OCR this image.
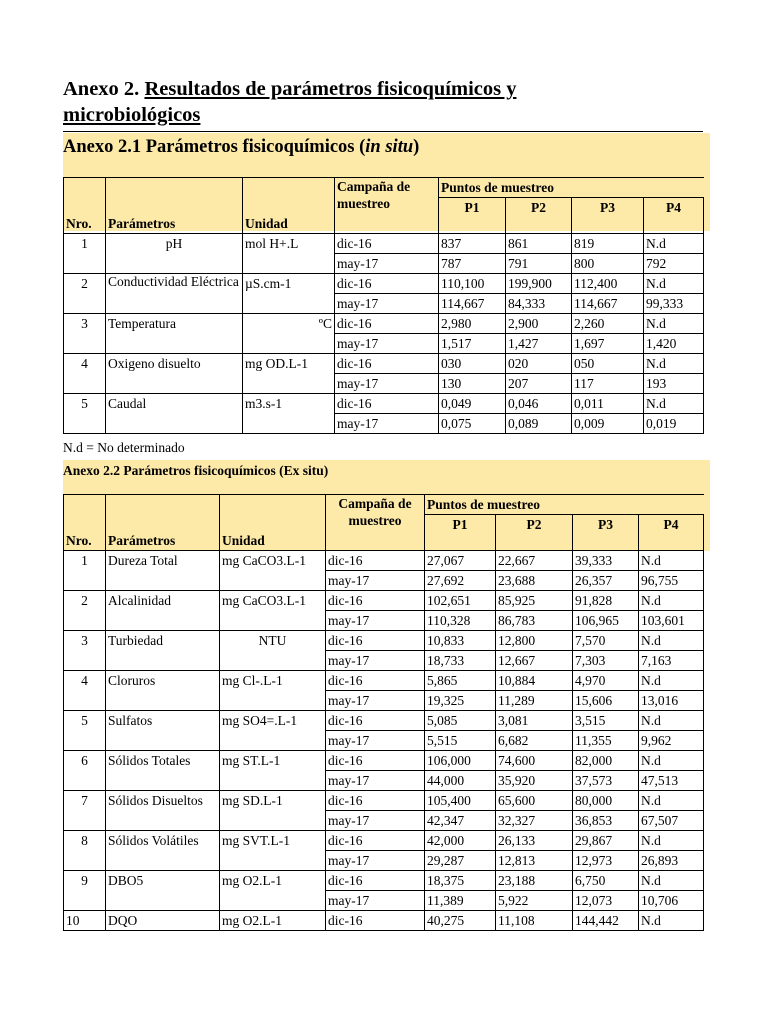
Anexo 2. Resultados de parámetros fisicoquímicos y
microbiológicos
Anexo 2.1 Parámetros fisicoquímicos (in situ)
Nro.	Parámetros	Unidad	Campaña de muestreo	Puntos de muestreo			
				P1	P2	P3	P4
1	pH	mol H+.L	dic-16	837	861	819	N.d
			may-17	787	791	800	792
2	Conductividad Eléctrica	µS.cm-1	dic-16	110,100	199,900	112,400	N.d
			may-17	114,667	84,333	114,667	99,333
3	Temperatura	ºC	dic-16	2,980	2,900	2,260	N.d
			may-17	1,517	1,427	1,697	1,420
4	Oxigeno disuelto	mg OD.L-1	dic-16	030	020	050	N.d
			may-17	130	207	117	193
5	Caudal	m3.s-1	dic-16	0,049	0,046	0,011	N.d
			may-17	0,075	0,089	0,009	0,019
N.d = No determinado
Anexo 2.2 Parámetros fisicoquímicos (Ex situ)
Nro.	Parámetros	Unidad	Campaña de muestreo	Puntos de muestreo			
				P1	P2	P3	P4
1	Dureza Total	mg CaCO3.L-1	dic-16	27,067	22,667	39,333	N.d
			may-17	27,692	23,688	26,357	96,755
2	Alcalinidad	mg CaCO3.L-1	dic-16	102,651	85,925	91,828	N.d
			may-17	110,328	86,783	106,965	103,601
3	Turbiedad	NTU	dic-16	10,833	12,800	7,570	N.d
			may-17	18,733	12,667	7,303	7,163
4	Cloruros	mg Cl-.L-1	dic-16	5,865	10,884	4,970	N.d
			may-17	19,325	11,289	15,606	13,016
5	Sulfatos	mg SO4=.L-1	dic-16	5,085	3,081	3,515	N.d
			may-17	5,515	6,682	11,355	9,962
6	Sólidos Totales	mg ST.L-1	dic-16	106,000	74,600	82,000	N.d
			may-17	44,000	35,920	37,573	47,513
7	Sólidos Disueltos	mg SD.L-1	dic-16	105,400	65,600	80,000	N.d
			may-17	42,347	32,327	36,853	67,507
8	Sólidos Volátiles	mg SVT.L-1	dic-16	42,000	26,133	29,867	N.d
			may-17	29,287	12,813	12,973	26,893
9	DBO5	mg O2.L-1	dic-16	18,375	23,188	6,750	N.d
			may-17	11,389	5,922	12,073	10,706
10	DQO	mg O2.L-1	dic-16	40,275	11,108	144,442	N.d
